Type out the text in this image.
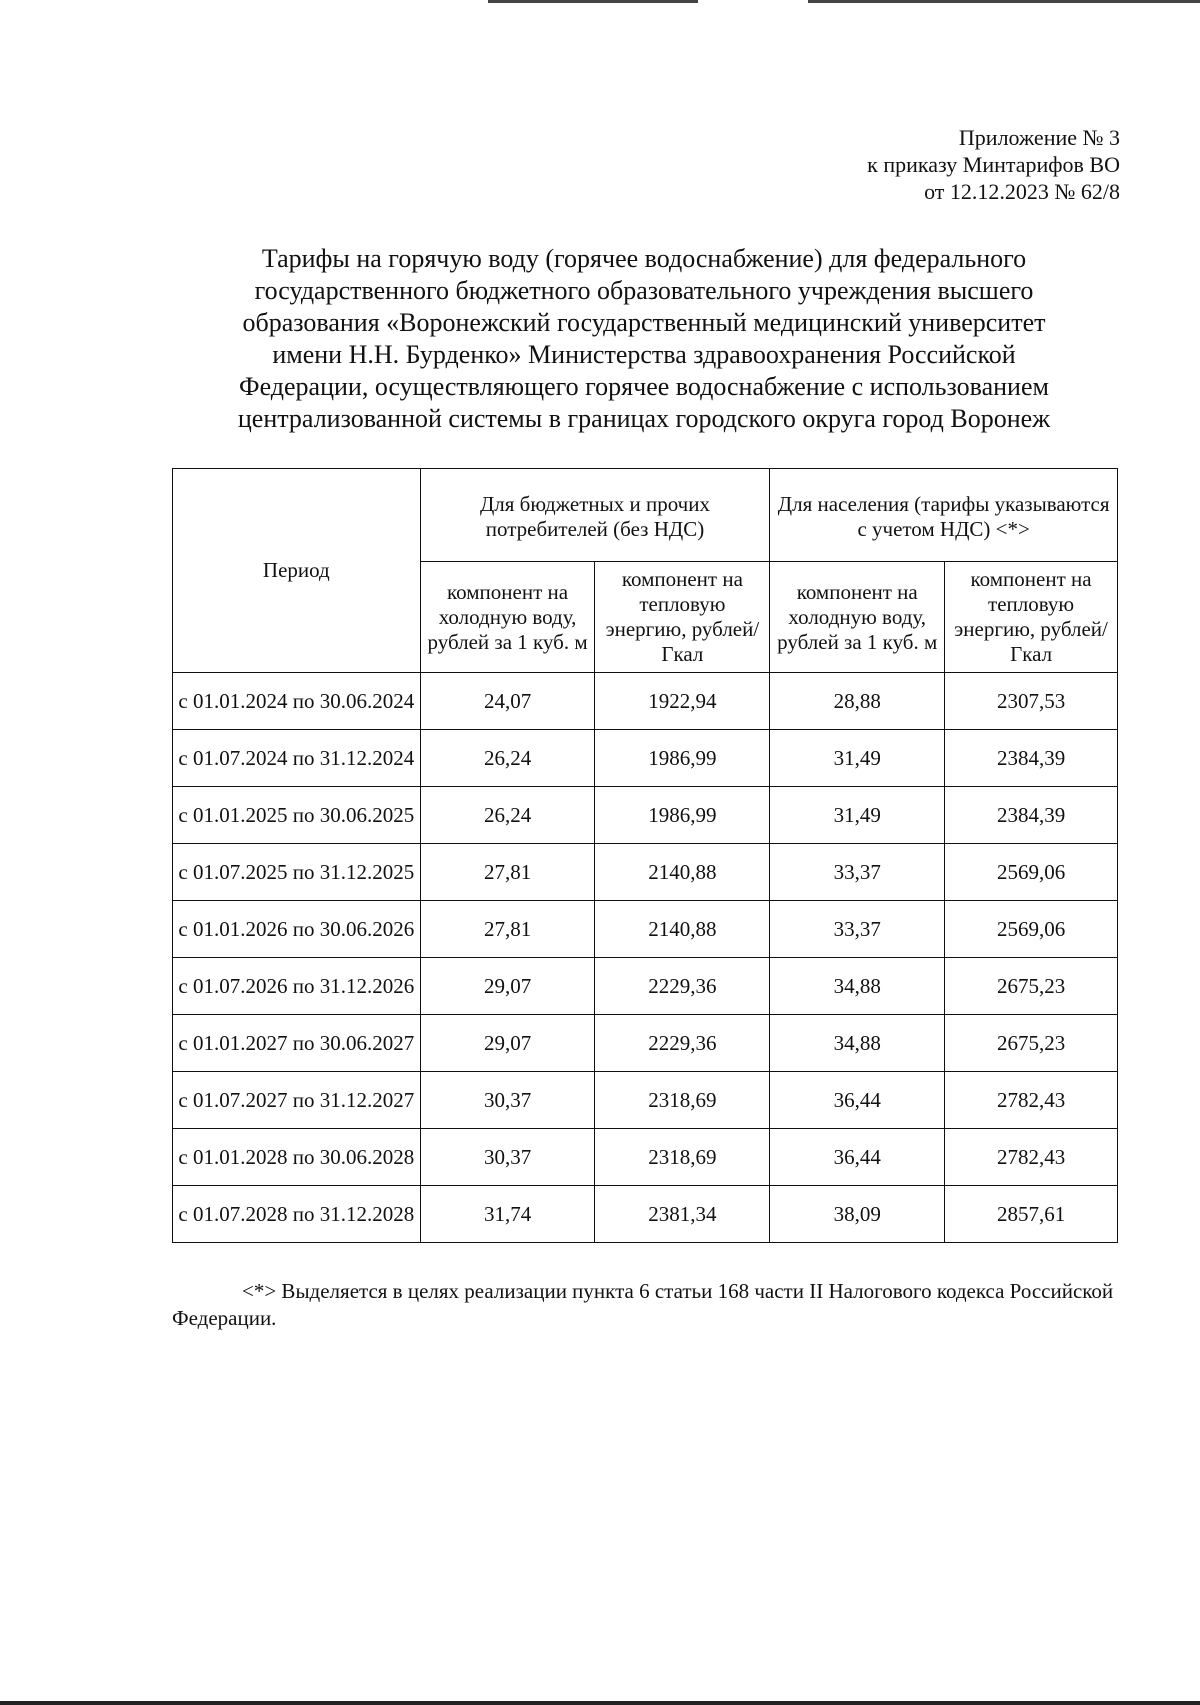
Приложение № 3
к приказу Минтарифов ВО
от 12.12.2023 № 62/8
Тарифы на горячую воду (горячее водоснабжение) для федерального
государственного бюджетного образовательного учреждения высшего
образования «Воронежский государственный медицинский университет
имени Н.Н. Бурденко» Министерства здравоохранения Российской
Федерации, осуществляющего горячее водоснабжение с использованием
централизованной системы в границах городского округа город Воронеж
Период	Для бюджетных и прочих потребителей (без НДС)		Для населения (тарифы указываются с учетом НДС) <*>	
	компонент на холодную воду, рублей за 1 куб. м	компонент на тепловую энергию, рублей/Гкал	компонент на холодную воду, рублей за 1 куб. м	компонент на тепловую энергию, рублей/Гкал
с 01.01.2024 по 30.06.2024	24,07	1922,94	28,88	2307,53
с 01.07.2024 по 31.12.2024	26,24	1986,99	31,49	2384,39
с 01.01.2025 по 30.06.2025	26,24	1986,99	31,49	2384,39
с 01.07.2025 по 31.12.2025	27,81	2140,88	33,37	2569,06
с 01.01.2026 по 30.06.2026	27,81	2140,88	33,37	2569,06
с 01.07.2026 по 31.12.2026	29,07	2229,36	34,88	2675,23
с 01.01.2027 по 30.06.2027	29,07	2229,36	34,88	2675,23
с 01.07.2027 по 31.12.2027	30,37	2318,69	36,44	2782,43
с 01.01.2028 по 30.06.2028	30,37	2318,69	36,44	2782,43
с 01.07.2028 по 31.12.2028	31,74	2381,34	38,09	2857,61
<*> Выделяется в целях реализации пункта 6 статьи 168 части II Налогового кодекса Российской Федерации.
